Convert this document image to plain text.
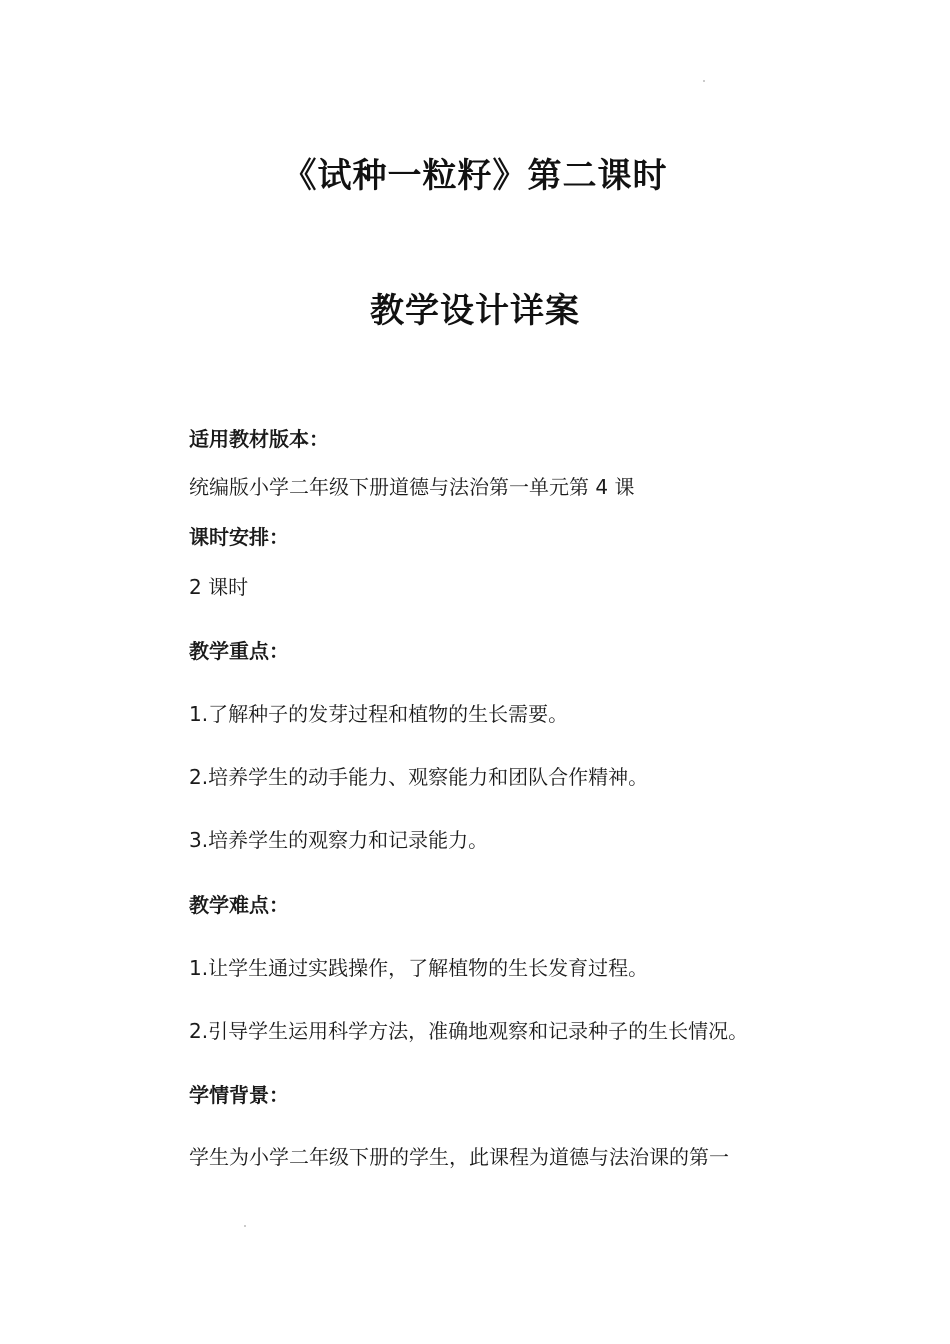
《试种一粒籽》第二课时
教学设计详案
适用教材版本：
统编版小学二年级下册道德与法治第一单元第 4 课
课时安排：
2 课时
教学重点：
1.了解种子的发芽过程和植物的生长需要。
2.培养学生的动手能力、观察能力和团队合作精神。
3.培养学生的观察力和记录能力。
教学难点：
1.让学生通过实践操作，了解植物的生长发育过程。
2.引导学生运用科学方法，准确地观察和记录种子的生长情况。
学情背景：
学生为小学二年级下册的学生，此课程为道德与法治课的第一
